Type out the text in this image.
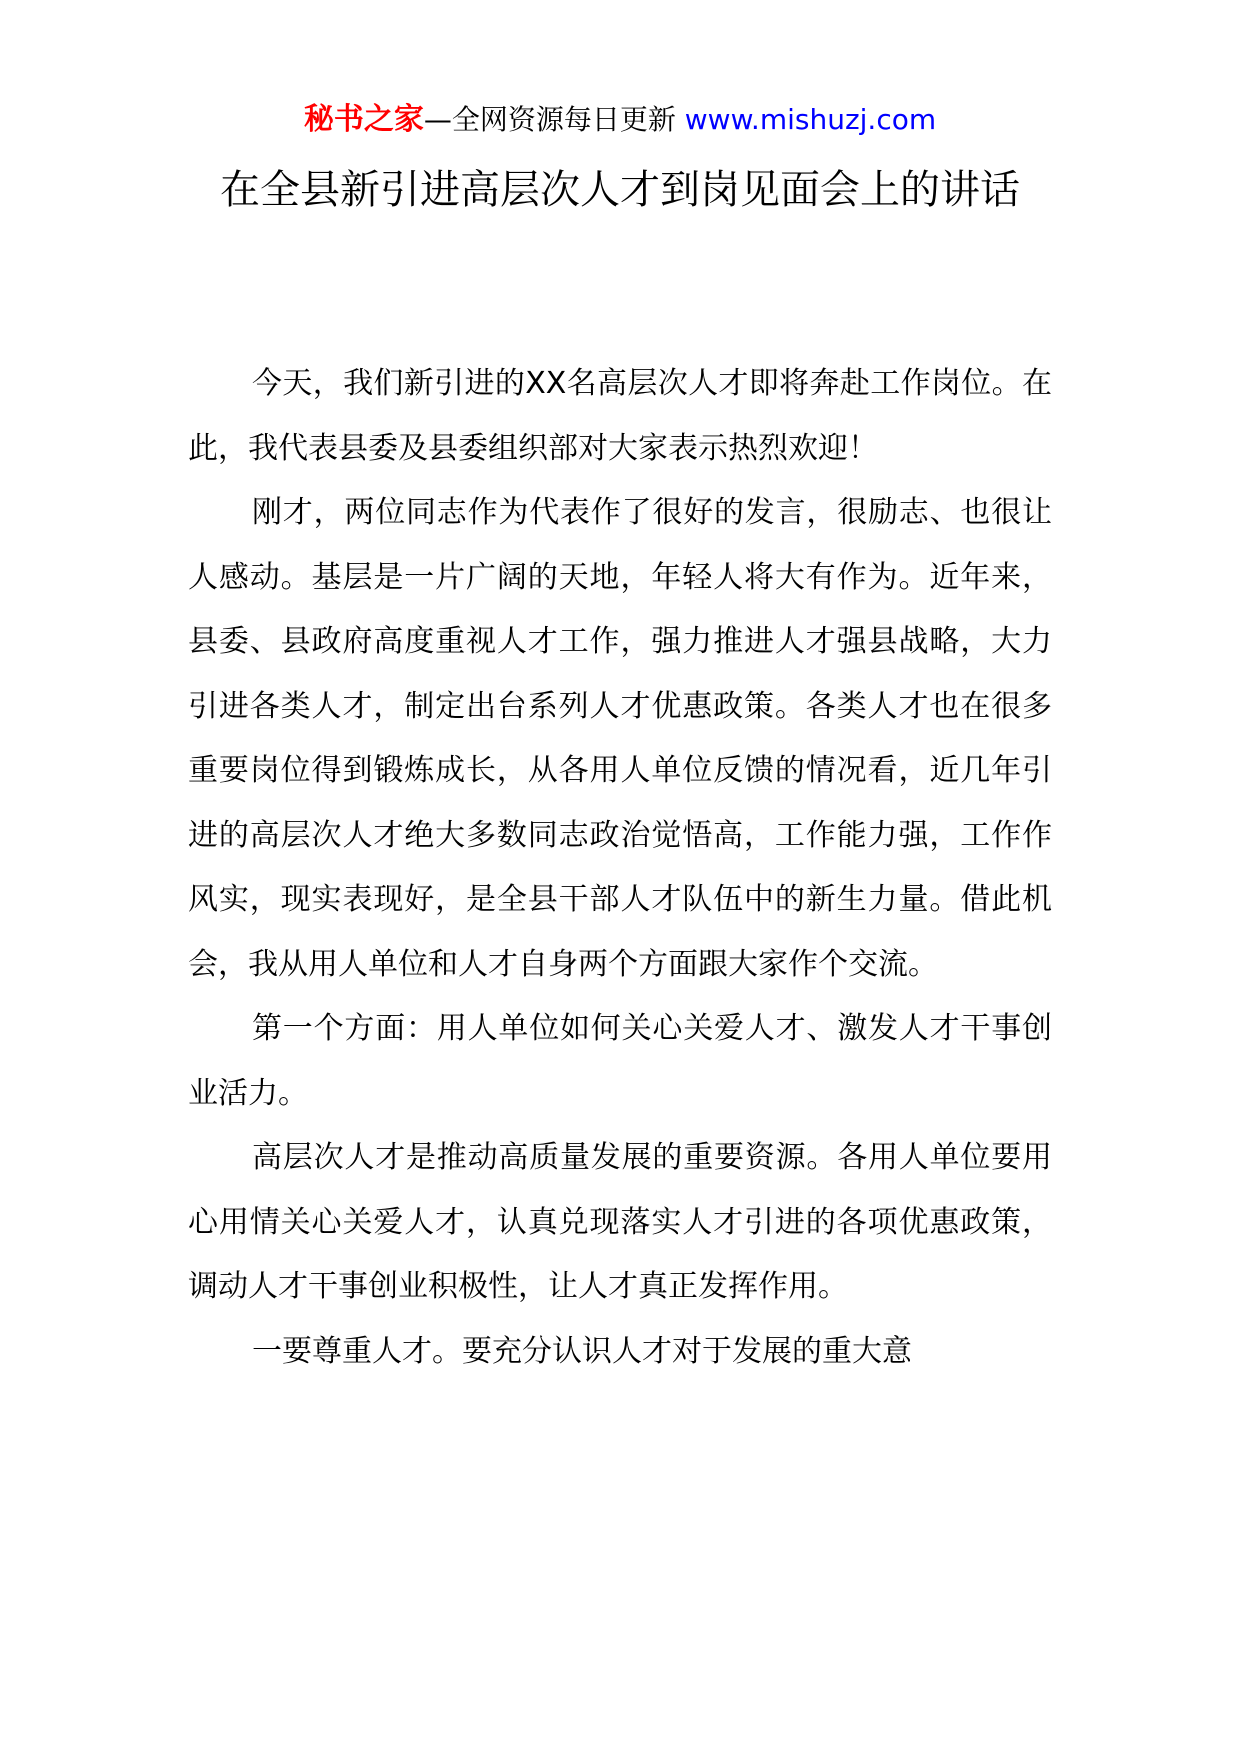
秘书之家—全网资源每日更新 www.mishuzj.com
在全县新引进高层次人才到岗见面会上的讲话

今天，我们新引进的XX名高层次人才即将奔赴工作岗位。在此，我代表县委及县委组织部对大家表示热烈欢迎！

刚才，两位同志作为代表作了很好的发言，很励志、也很让人感动。基层是一片广阔的天地，年轻人将大有作为。近年来，县委、县政府高度重视人才工作，强力推进人才强县战略，大力引进各类人才，制定出台系列人才优惠政策。各类人才也在很多重要岗位得到锻炼成长，从各用人单位反馈的情况看，近几年引进的高层次人才绝大多数同志政治觉悟高，工作能力强，工作作风实，现实表现好，是全县干部人才队伍中的新生力量。借此机会，我从用人单位和人才自身两个方面跟大家作个交流。

第一个方面：用人单位如何关心关爱人才、激发人才干事创业活力。

高层次人才是推动高质量发展的重要资源。各用人单位要用心用情关心关爱人才，认真兑现落实人才引进的各项优惠政策，调动人才干事创业积极性，让人才真正发挥作用。

一要尊重人才。要充分认识人才对于发展的重大意
